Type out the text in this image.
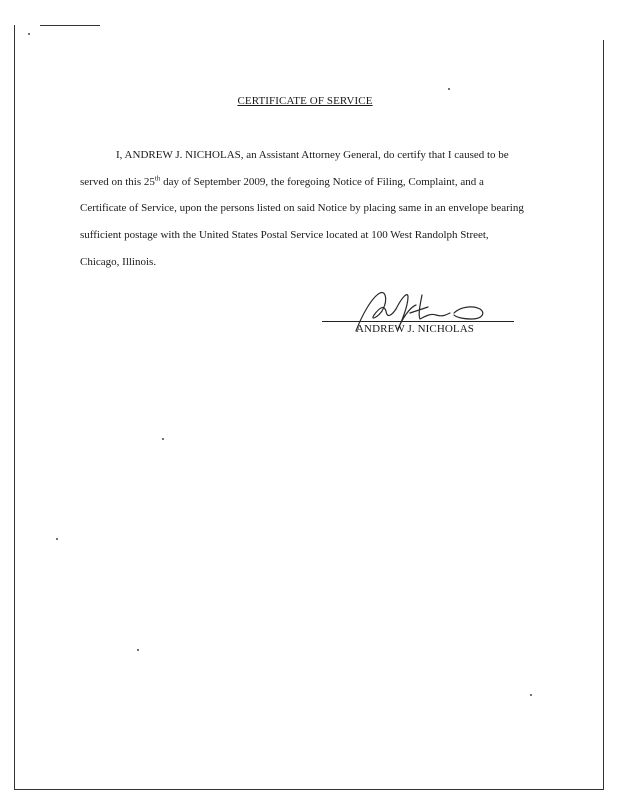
CERTIFICATE OF SERVICE

I, ANDREW J. NICHOLAS, an Assistant Attorney General, do certify that I caused to be served on this 25th day of September 2009, the foregoing Notice of Filing, Complaint, and a Certificate of Service, upon the persons listed on said Notice by placing same in an envelope bearing sufficient postage with the United States Postal Service located at 100 West Randolph Street, Chicago, Illinois.

ANDREW J. NICHOLAS
